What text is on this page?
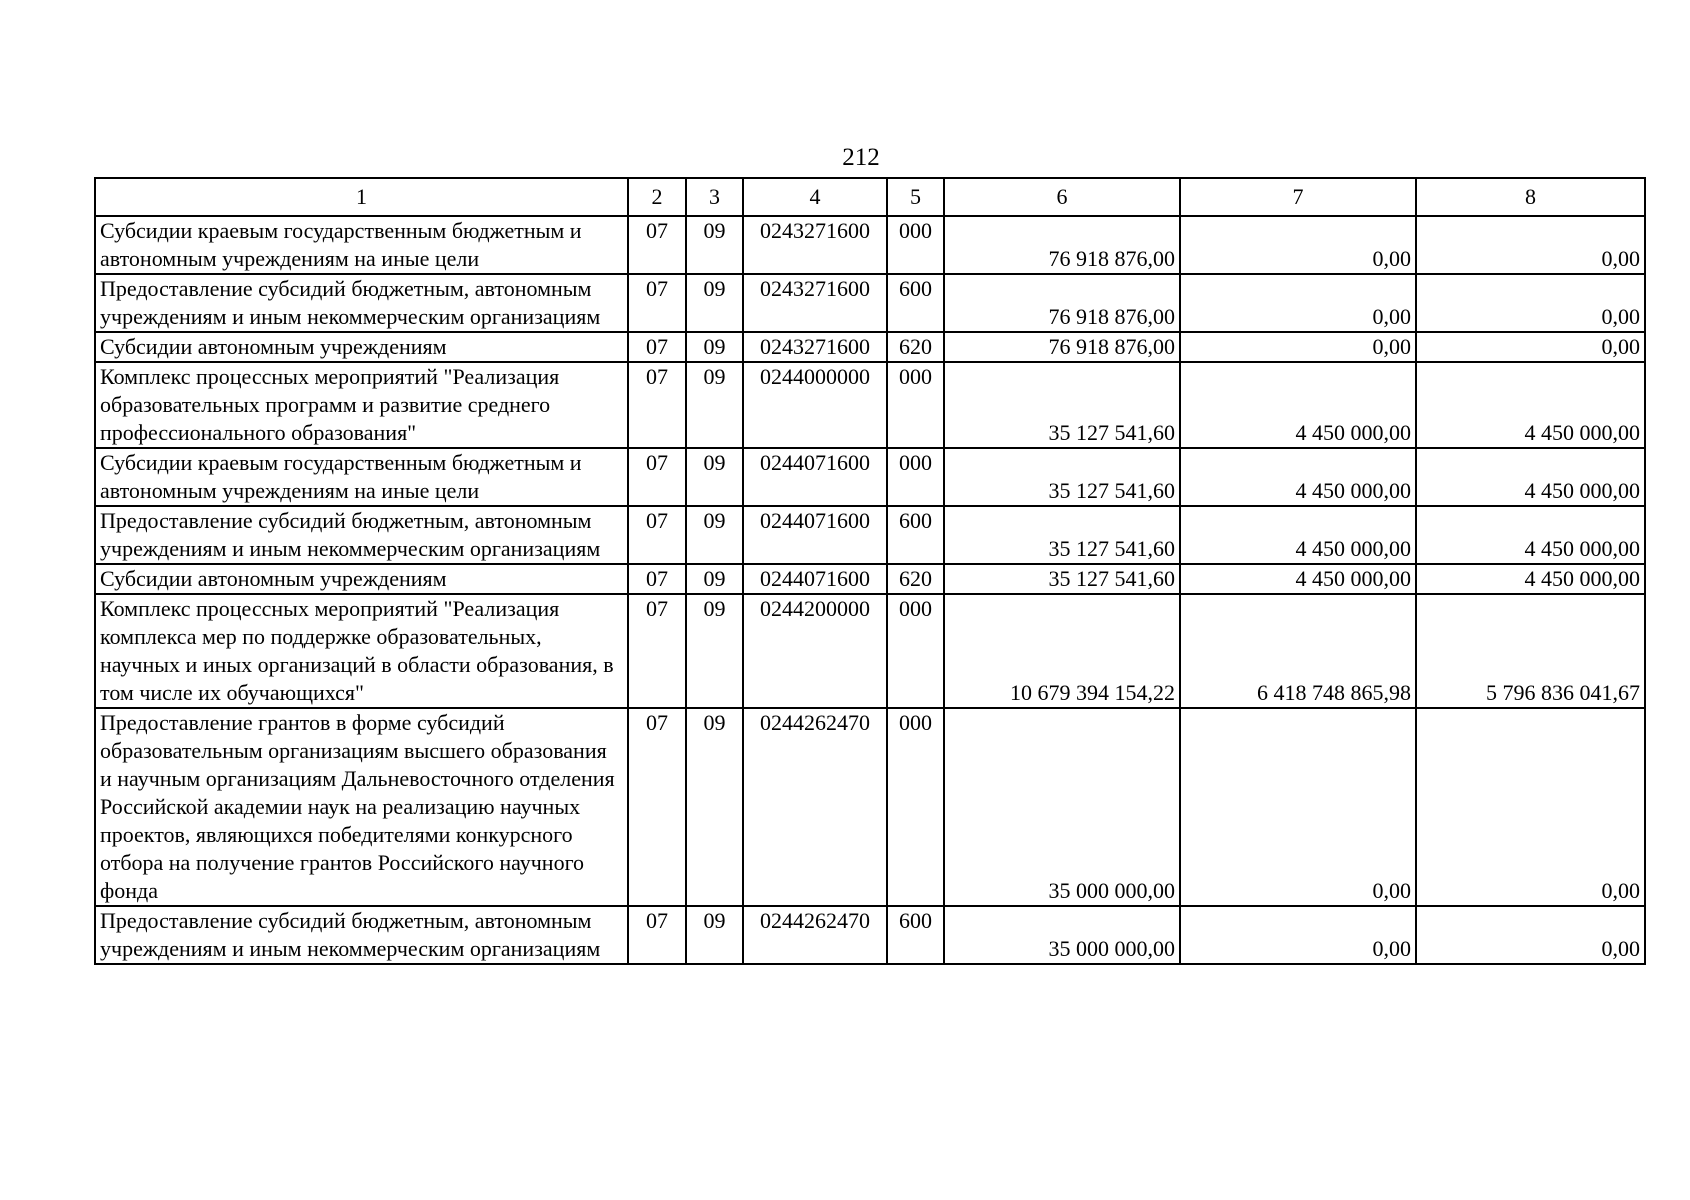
212
1	2	3	4	5	6	7	8
Субсидии краевым государственным бюджетным и автономным учреждениям на иные цели	07	09	0243271600	000	76 918 876,00	0,00	0,00
Предоставление субсидий бюджетным, автономным учреждениям и иным некоммерческим организациям	07	09	0243271600	600	76 918 876,00	0,00	0,00
Субсидии автономным учреждениям	07	09	0243271600	620	76 918 876,00	0,00	0,00
Комплекс процессных мероприятий "Реализация образовательных программ и развитие среднего профессионального образования"	07	09	0244000000	000	35 127 541,60	4 450 000,00	4 450 000,00
Субсидии краевым государственным бюджетным и автономным учреждениям на иные цели	07	09	0244071600	000	35 127 541,60	4 450 000,00	4 450 000,00
Предоставление субсидий бюджетным, автономным учреждениям и иным некоммерческим организациям	07	09	0244071600	600	35 127 541,60	4 450 000,00	4 450 000,00
Субсидии автономным учреждениям	07	09	0244071600	620	35 127 541,60	4 450 000,00	4 450 000,00
Комплекс процессных мероприятий "Реализация комплекса мер по поддержке образовательных, научных и иных организаций в области образования, в том числе их обучающихся"	07	09	0244200000	000	10 679 394 154,22	6 418 748 865,98	5 796 836 041,67
Предоставление грантов в форме субсидий образовательным организациям высшего образования и научным организациям Дальневосточного отделения Российской академии наук на реализацию научных проектов, являющихся победителями конкурсного отбора на получение грантов Российского научного фонда	07	09	0244262470	000	35 000 000,00	0,00	0,00
Предоставление субсидий бюджетным, автономным учреждениям и иным некоммерческим организациям	07	09	0244262470	600	35 000 000,00	0,00	0,00
